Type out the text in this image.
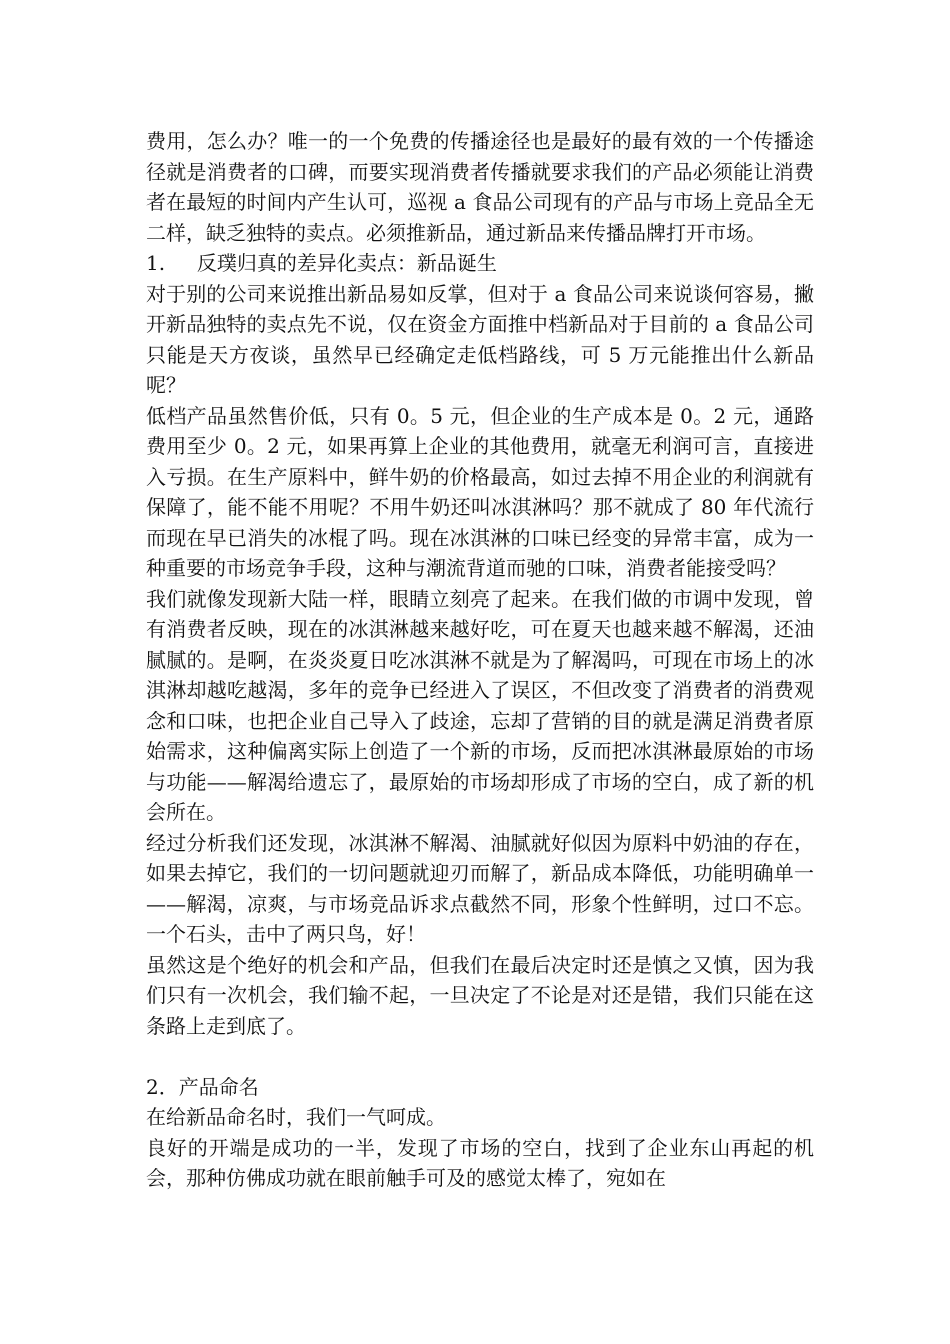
费用，怎么办？唯一的一个免费的传播途径也是最好的最有效的一个传播途径就是消费者的口碑，而要实现消费者传播就要求我们的产品必须能让消费者在最短的时间内产生认可，巡视 a 食品公司现有的产品与市场上竞品全无二样，缺乏独特的卖点。必须推新品，通过新品来传播品牌打开市场。

1.     反璞归真的差异化卖点：新品诞生

对于别的公司来说推出新品易如反掌，但对于 a 食品公司来说谈何容易，撇开新品独特的卖点先不说，仅在资金方面推中档新品对于目前的 a 食品公司只能是天方夜谈，虽然早已经确定走低档路线，可 5 万元能推出什么新品呢？

低档产品虽然售价低，只有 0。5 元，但企业的生产成本是 0。2 元，通路费用至少 0。2 元，如果再算上企业的其他费用，就毫无利润可言，直接进入亏损。在生产原料中，鲜牛奶的价格最高，如过去掉不用企业的利润就有保障了，能不能不用呢？不用牛奶还叫冰淇淋吗？那不就成了 80 年代流行而现在早已消失的冰棍了吗。现在冰淇淋的口味已经变的异常丰富，成为一种重要的市场竞争手段，这种与潮流背道而驰的口味，消费者能接受吗？

我们就像发现新大陆一样，眼睛立刻亮了起来。在我们做的市调中发现，曾有消费者反映，现在的冰淇淋越来越好吃，可在夏天也越来越不解渴，还油腻腻的。是啊，在炎炎夏日吃冰淇淋不就是为了解渴吗，可现在市场上的冰淇淋却越吃越渴，多年的竞争已经进入了误区，不但改变了消费者的消费观念和口味，也把企业自己导入了歧途，忘却了营销的目的就是满足消费者原始需求，这种偏离实际上创造了一个新的市场，反而把冰淇淋最原始的市场与功能——解渴给遗忘了，最原始的市场却形成了市场的空白，成了新的机会所在。

经过分析我们还发现，冰淇淋不解渴、油腻就好似因为原料中奶油的存在，如果去掉它，我们的一切问题就迎刃而解了，新品成本降低，功能明确单一——解渴，凉爽，与市场竞品诉求点截然不同，形象个性鲜明，过口不忘。   一个石头，击中了两只鸟，好！

虽然这是个绝好的机会和产品，但我们在最后决定时还是慎之又慎，因为我们只有一次机会，我们输不起，一旦决定了不论是对还是错，我们只能在这条路上走到底了。

2．产品命名

在给新品命名时，我们一气呵成。

良好的开端是成功的一半，发现了市场的空白，找到了企业东山再起的机会，那种仿佛成功就在眼前触手可及的感觉太棒了，宛如在
